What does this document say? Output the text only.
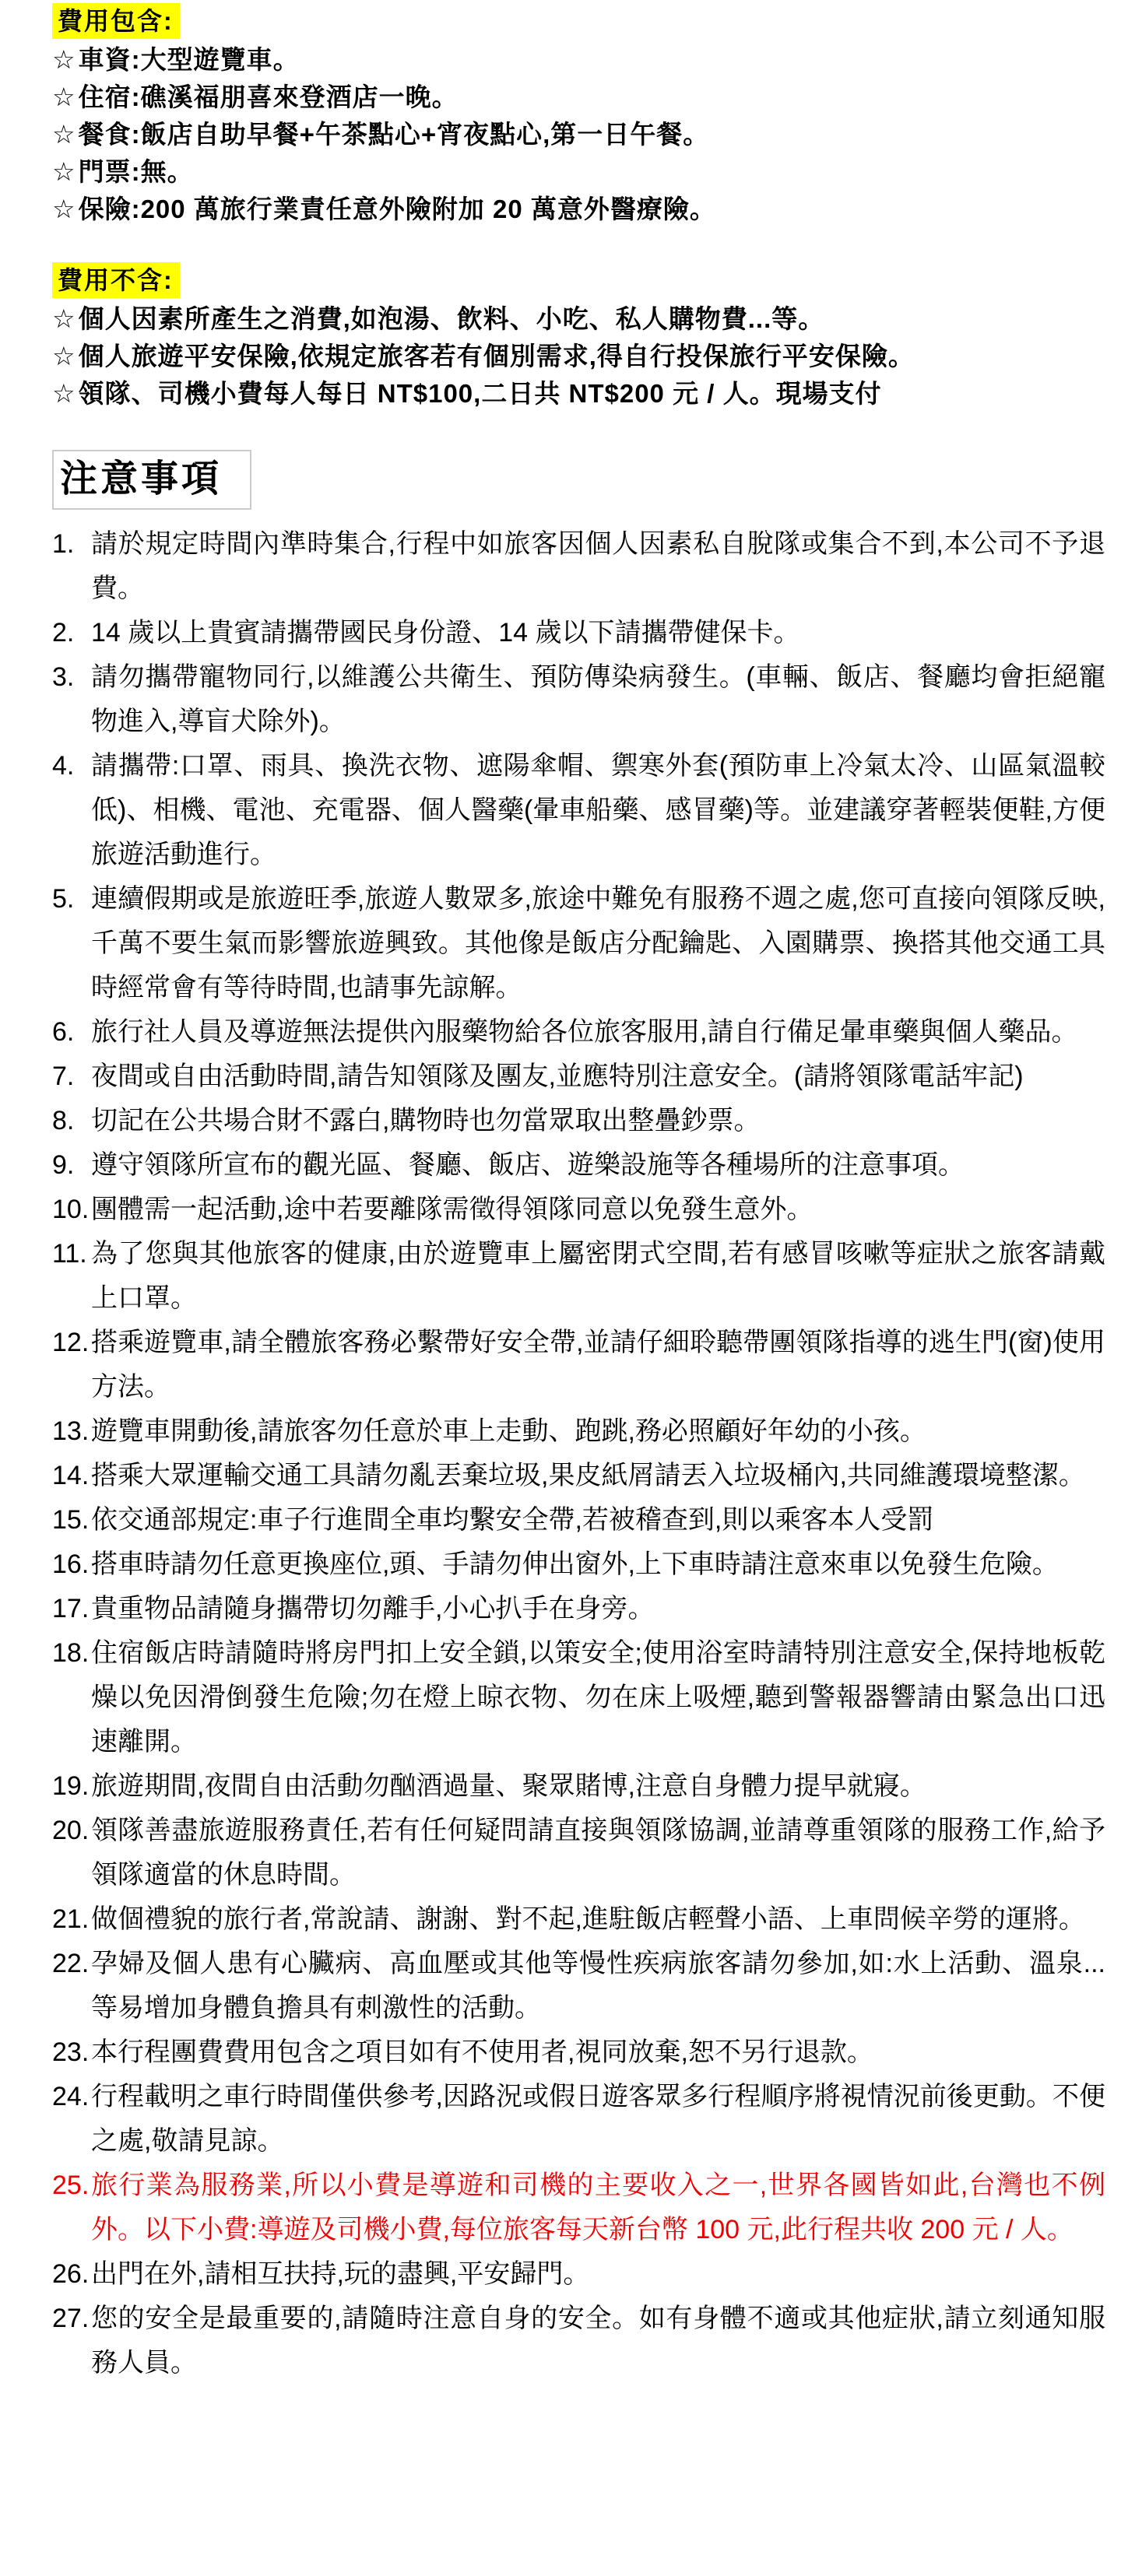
費用包含:
☆車資:大型遊覽車。
☆住宿:礁溪福朋喜來登酒店一晚。
☆餐食:飯店自助早餐+午茶點心+宵夜點心,第一日午餐。
☆門票:無。
☆保險:200 萬旅行業責任意外險附加 20 萬意外醫療險。
費用不含:
☆個人因素所產生之消費,如泡湯、飲料、小吃、私人購物費...等。
☆個人旅遊平安保險,依規定旅客若有個別需求,得自行投保旅行平安保險。
☆領隊、司機小費每人每日 NT$100,二日共 NT$200 元 / 人。現場支付
注意事項
1. 請於規定時間內準時集合,行程中如旅客因個人因素私自脫隊或集合不到,本公司不予退費。
2. 14 歲以上貴賓請攜帶國民身份證、14 歲以下請攜帶健保卡。
3. 請勿攜帶寵物同行,以維護公共衛生、預防傳染病發生。(車輛、飯店、餐廳均會拒絕寵物進入,導盲犬除外)。
4. 請攜帶:口罩、雨具、換洗衣物、遮陽傘帽、禦寒外套(預防車上冷氣太冷、山區氣溫較低)、相機、電池、充電器、個人醫藥(暈車船藥、感冒藥)等。並建議穿著輕裝便鞋,方便旅遊活動進行。
5. 連續假期或是旅遊旺季,旅遊人數眾多,旅途中難免有服務不週之處,您可直接向領隊反映,千萬不要生氣而影響旅遊興致。其他像是飯店分配鑰匙、入園購票、換搭其他交通工具時經常會有等待時間,也請事先諒解。
6. 旅行社人員及導遊無法提供內服藥物給各位旅客服用,請自行備足暈車藥與個人藥品。
7. 夜間或自由活動時間,請告知領隊及團友,並應特別注意安全。(請將領隊電話牢記)
8. 切記在公共場合財不露白,購物時也勿當眾取出整疊鈔票。
9. 遵守領隊所宣布的觀光區、餐廳、飯店、遊樂設施等各種場所的注意事項。
10. 團體需一起活動,途中若要離隊需徵得領隊同意以免發生意外。
11. 為了您與其他旅客的健康,由於遊覽車上屬密閉式空間,若有感冒咳嗽等症狀之旅客請戴上口罩。
12. 搭乘遊覽車,請全體旅客務必繫帶好安全帶,並請仔細聆聽帶團領隊指導的逃生門(窗)使用方法。
13. 遊覽車開動後,請旅客勿任意於車上走動、跑跳,務必照顧好年幼的小孩。
14. 搭乘大眾運輸交通工具請勿亂丟棄垃圾,果皮紙屑請丟入垃圾桶內,共同維護環境整潔。
15. 依交通部規定:車子行進間全車均繫安全帶,若被稽查到,則以乘客本人受罰
16. 搭車時請勿任意更換座位,頭、手請勿伸出窗外,上下車時請注意來車以免發生危險。
17. 貴重物品請隨身攜帶切勿離手,小心扒手在身旁。
18. 住宿飯店時請隨時將房門扣上安全鎖,以策安全;使用浴室時請特別注意安全,保持地板乾燥以免因滑倒發生危險;勿在燈上晾衣物、勿在床上吸煙,聽到警報器響請由緊急出口迅速離開。
19. 旅遊期間,夜間自由活動勿酗酒過量、聚眾賭博,注意自身體力提早就寢。
20. 領隊善盡旅遊服務責任,若有任何疑問請直接與領隊協調,並請尊重領隊的服務工作,給予領隊適當的休息時間。
21. 做個禮貌的旅行者,常說請、謝謝、對不起,進駐飯店輕聲小語、上車問候辛勞的運將。
22. 孕婦及個人患有心臟病、高血壓或其他等慢性疾病旅客請勿參加,如:水上活動、溫泉...等易增加身體負擔具有刺激性的活動。
23. 本行程團費費用包含之項目如有不使用者,視同放棄,恕不另行退款。
24. 行程載明之車行時間僅供參考,因路況或假日遊客眾多行程順序將視情況前後更動。不便之處,敬請見諒。
25. 旅行業為服務業,所以小費是導遊和司機的主要收入之一,世界各國皆如此,台灣也不例外。以下小費:導遊及司機小費,每位旅客每天新台幣 100 元,此行程共收 200 元 / 人。
26. 出門在外,請相互扶持,玩的盡興,平安歸門。
27. 您的安全是最重要的,請隨時注意自身的安全。如有身體不適或其他症狀,請立刻通知服務人員。
